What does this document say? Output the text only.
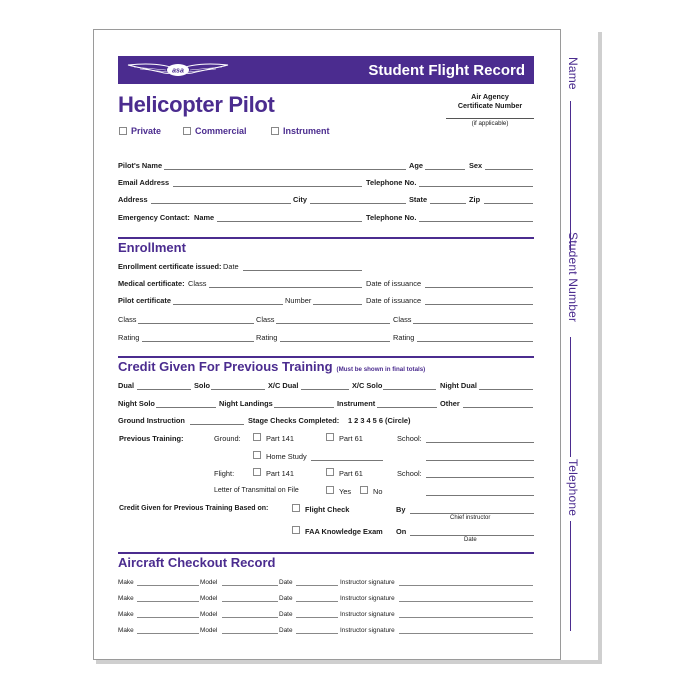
Name
Student Number
Telephone
asa	Student Flight Record
Helicopter Pilot	Air Agency
Certificate Number
(if applicable)
Private	Commercial	Instrument
Pilot's Name	Age	Sex
Email Address	Telephone No.
Address	City	State	Zip
Emergency Contact: Name	Telephone No.
Enrollment
Enrollment certificate issued: Date
Medical certificate: Class	Date of issuance
Pilot certificate	Number	Date of issuance
Class	Class	Class
Rating	Rating	Rating
Credit Given For Previous Training (Must be shown in final totals)
Dual	Solo	X/C Dual	X/C Solo	Night Dual
Night Solo	Night Landings	Instrument	Other
Ground Instruction	Stage Checks Completed: 1 2 3 4 5 6 (Circle)
Previous Training:	Ground:	Part 141	Part 61	School:
Home Study
Flight:	Part 141	Part 61	School:
Letter of Transmittal on File	Yes	No
Credit Given for Previous Training Based on:	Flight Check	By
Chief instructor
FAA Knowledge Exam On
Date
Aircraft Checkout Record
Make	Model	Date	Instructor signature
Make	Model	Date	Instructor signature
Make	Model	Date	Instructor signature
Make	Model	Date	Instructor signature
